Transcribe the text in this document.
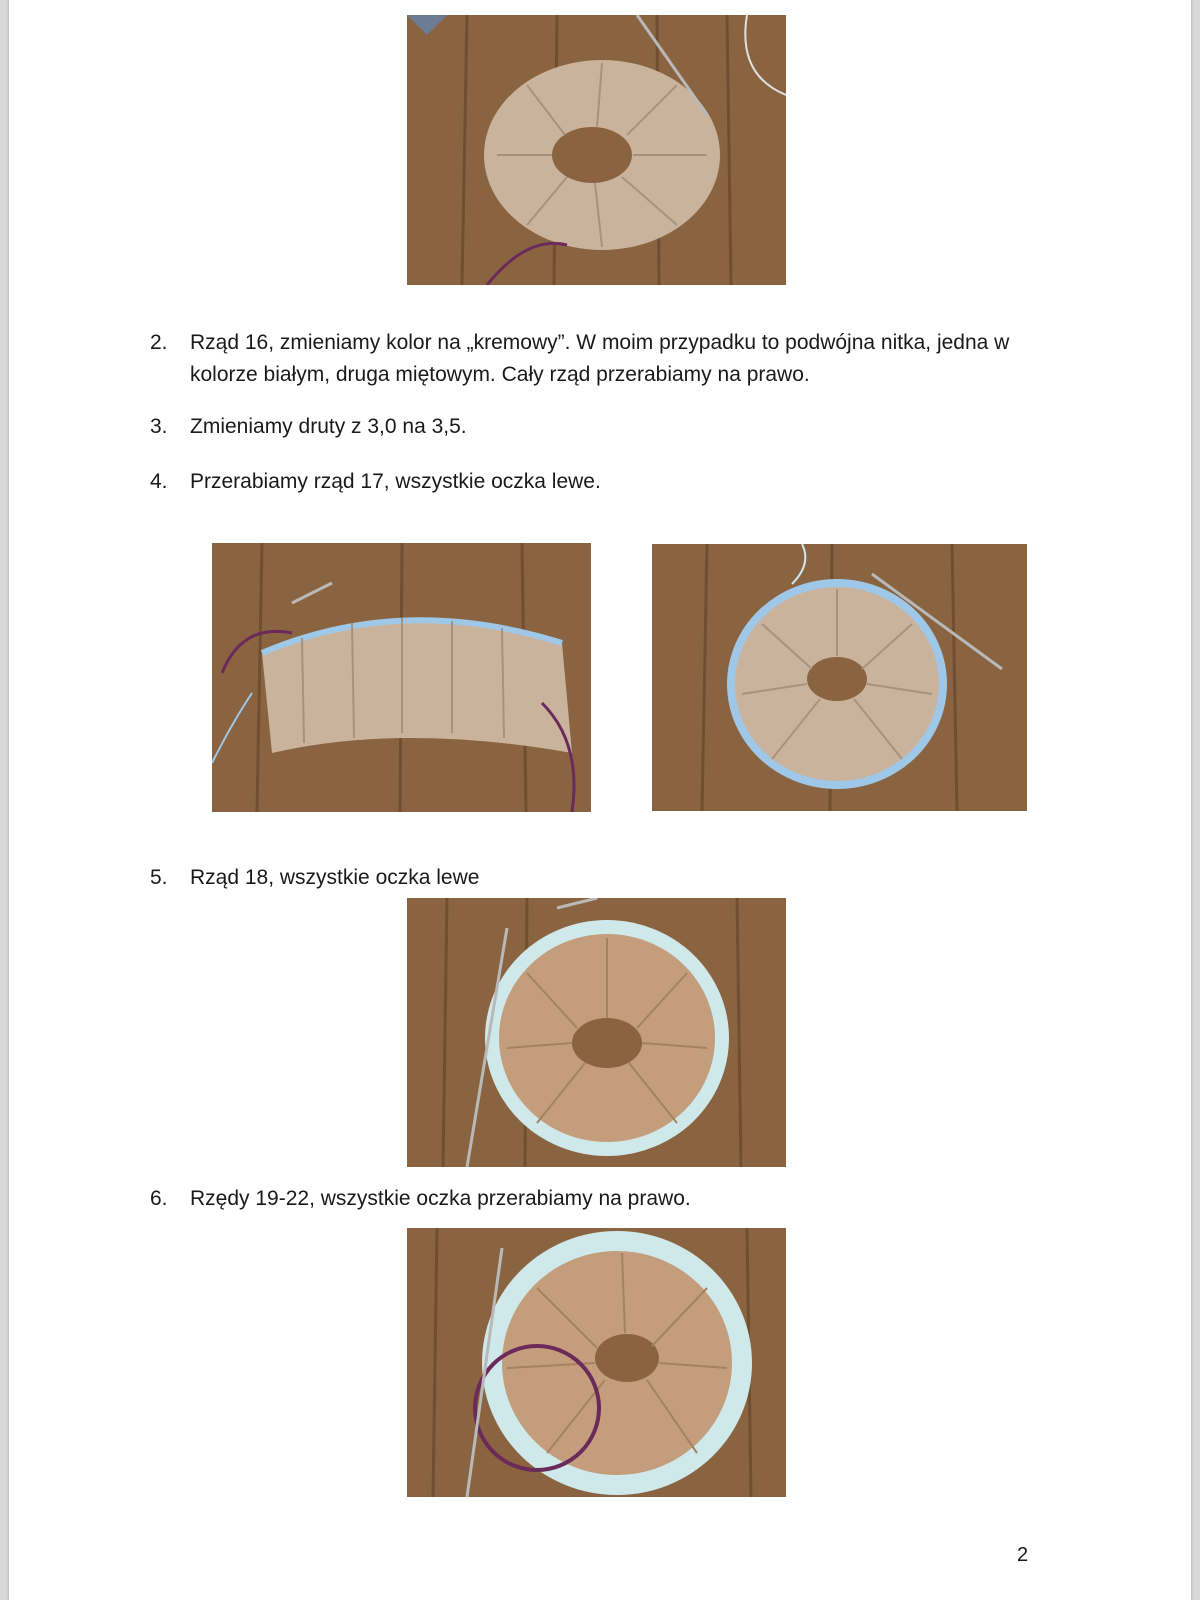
2.	Rząd 16, zmieniamy kolor na „kremowy”. W moim przypadku to podwójna nitka, jedna w kolorze białym, druga miętowym. Cały rząd przerabiamy na prawo.
3.	Zmieniamy druty z 3,0 na 3,5.
4.	Przerabiamy rząd 17, wszystkie oczka lewe.
5.	Rząd 18, wszystkie oczka lewe
6.	Rzędy 19-22, wszystkie oczka przerabiamy na prawo.
2
